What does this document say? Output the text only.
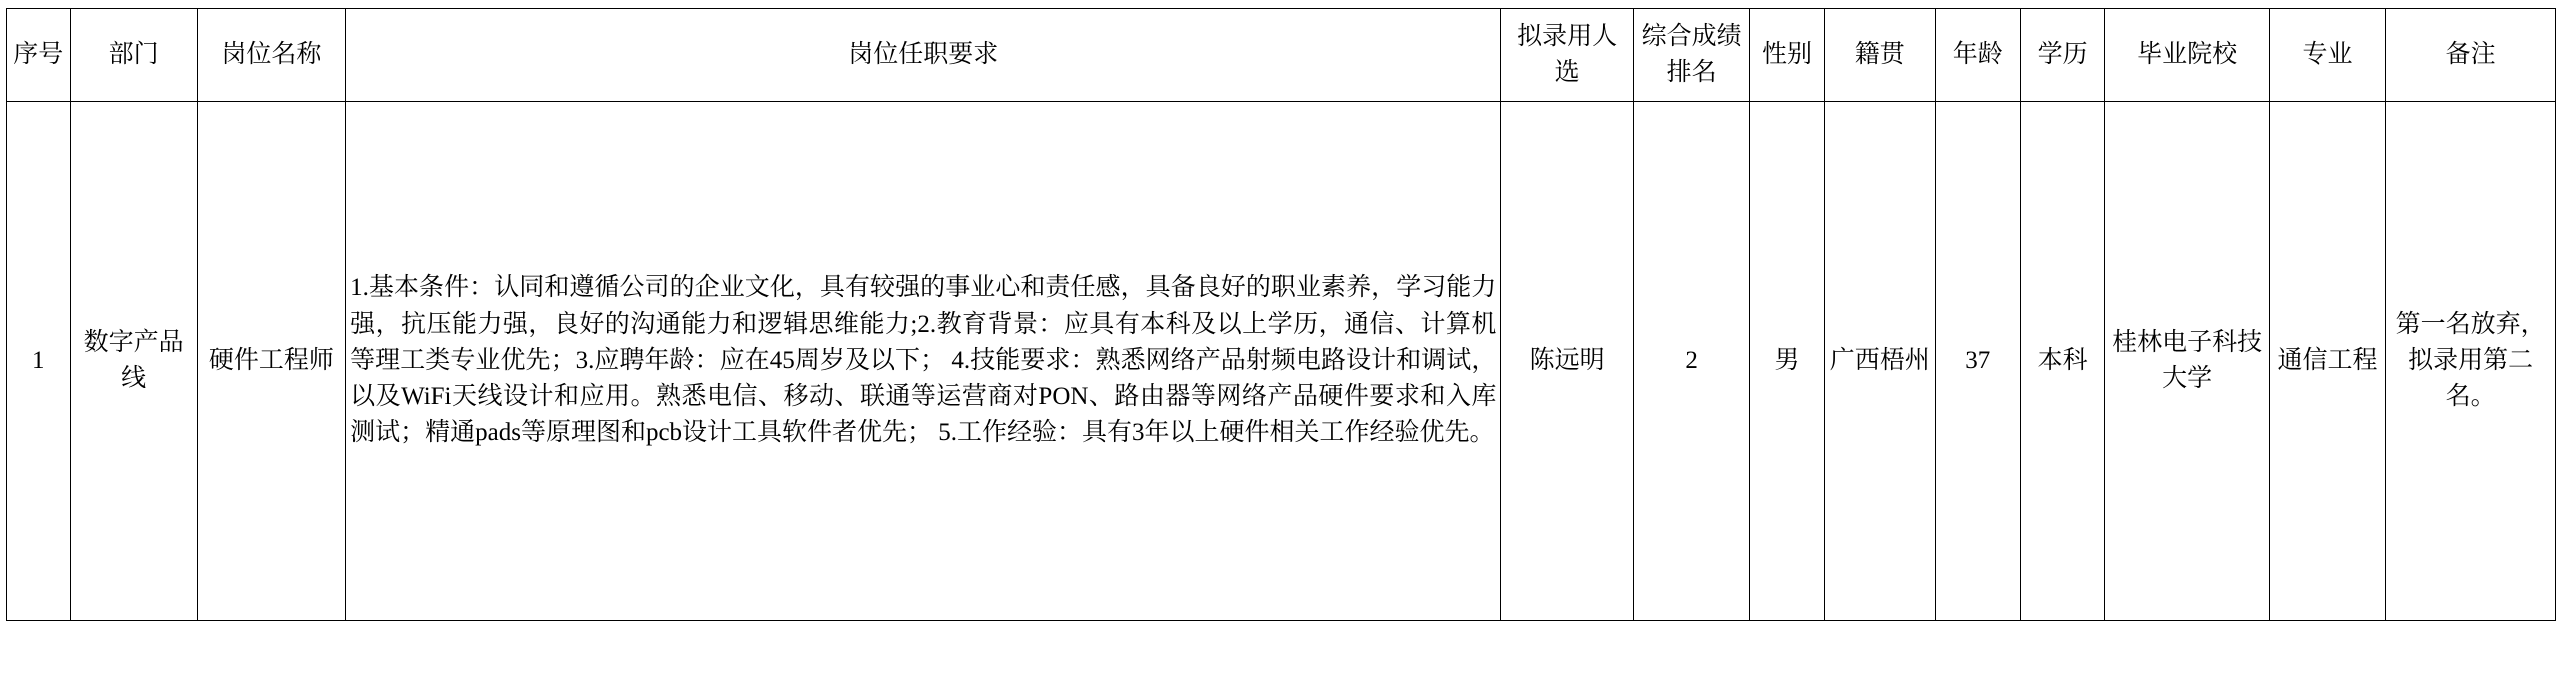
序号	部门	岗位名称	岗位任职要求	拟录用人选	综合成绩排名	性别	籍贯	年龄	学历	毕业院校	专业	备注
1	数字产品线	硬件工程师	1.基本条件：认同和遵循公司的企业文化，具有较强的事业心和责任感，具备良好的职业素养，学习能力强，抗压能力强，良好的沟通能力和逻辑思维能力;2.教育背景：应具有本科及以上学历，通信、计算机等理工类专业优先；3.应聘年龄：应在45周岁及以下； 4.技能要求：熟悉网络产品射频电路设计和调试，以及WiFi天线设计和应用。熟悉电信、移动、联通等运营商对PON、路由器等网络产品硬件要求和入库测试；精通pads等原理图和pcb设计工具软件者优先； 5.工作经验：具有3年以上硬件相关工作经验优先。	陈远明	2	男	广西梧州	37	本科	桂林电子科技大学	通信工程	第一名放弃，拟录用第二名。
